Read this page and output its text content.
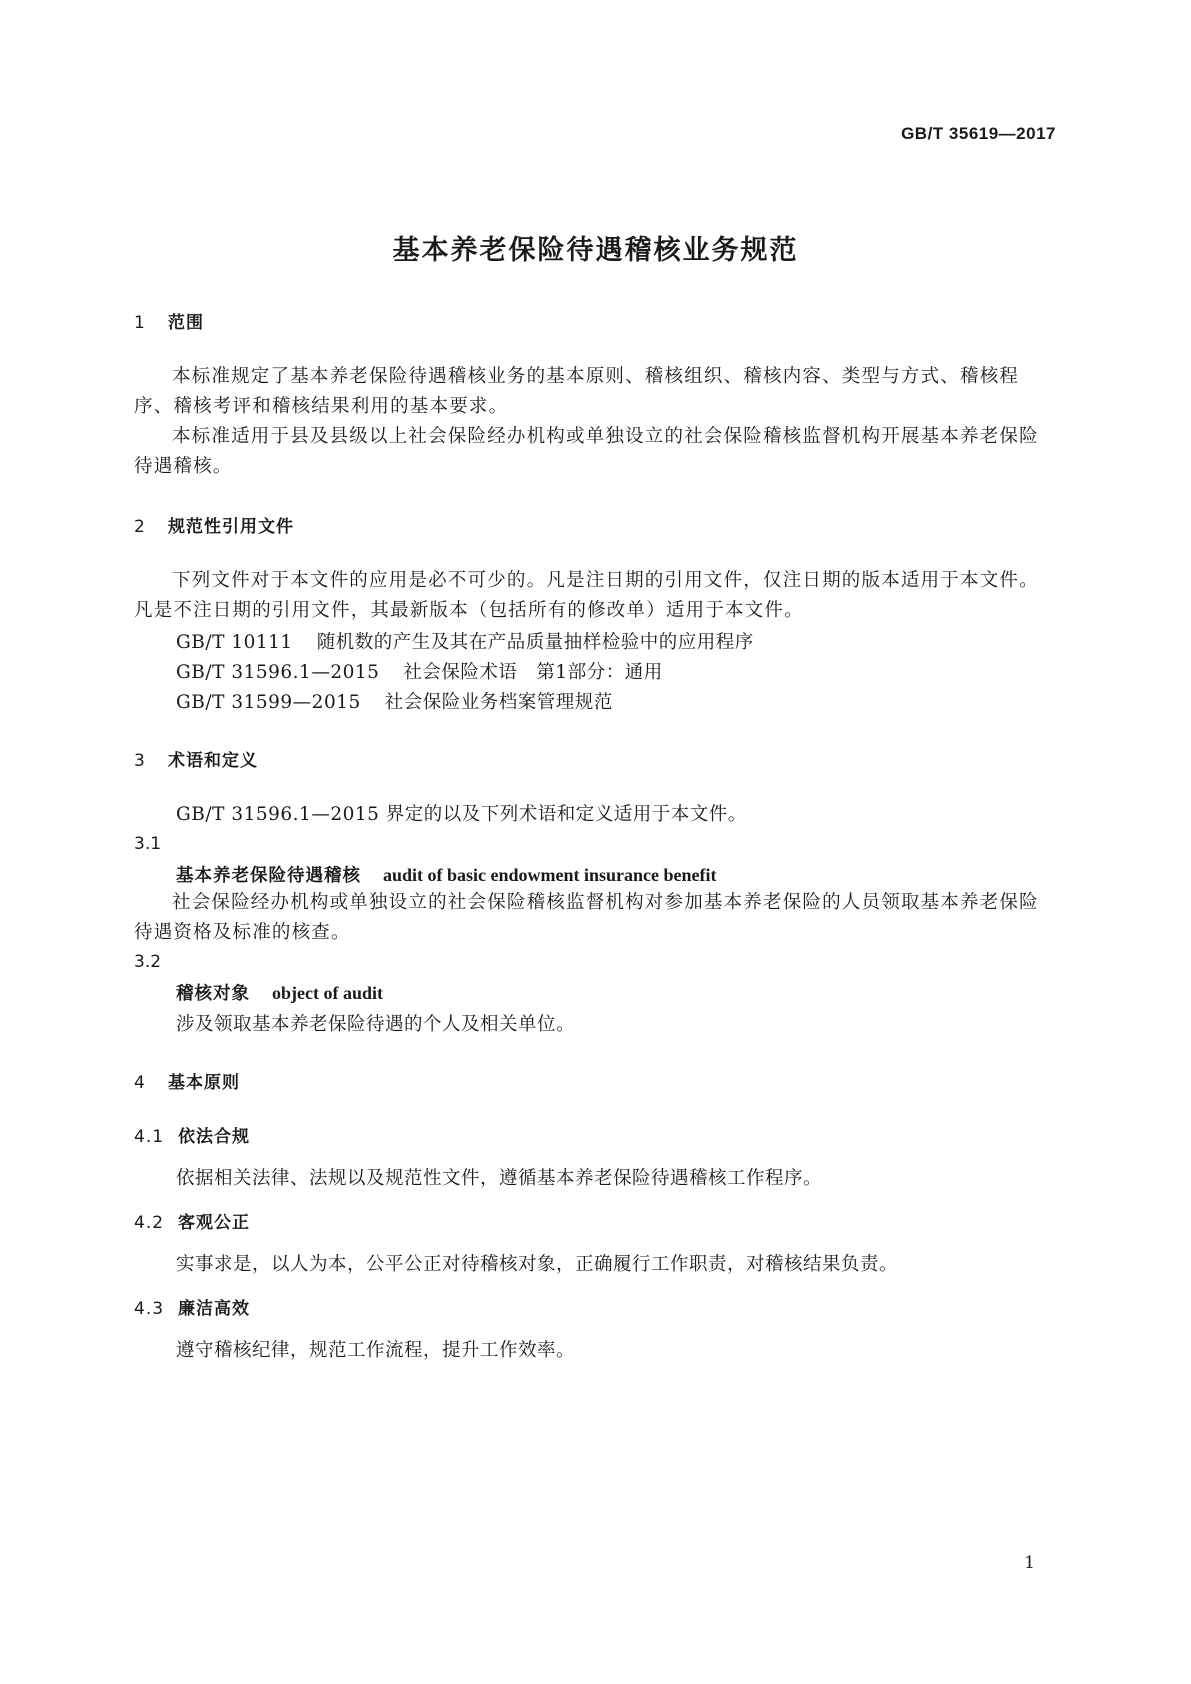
GB/T 35619—2017
基本养老保险待遇稽核业务规范
1 范围
本标准规定了基本养老保险待遇稽核业务的基本原则、稽核组织、稽核内容、类型与方式、稽核程序、稽核考评和稽核结果利用的基本要求。
本标准适用于县及县级以上社会保险经办机构或单独设立的社会保险稽核监督机构开展基本养老保险待遇稽核。
2 规范性引用文件
下列文件对于本文件的应用是必不可少的。凡是注日期的引用文件，仅注日期的版本适用于本文件。凡是不注日期的引用文件，其最新版本（包括所有的修改单）适用于本文件。
GB/T 10111 随机数的产生及其在产品质量抽样检验中的应用程序
GB/T 31596.1—2015 社会保险术语　第1部分：通用
GB/T 31599—2015 社会保险业务档案管理规范
3 术语和定义
GB/T 31596.1—2015 界定的以及下列术语和定义适用于本文件。
3.1
基本养老保险待遇稽核 audit of basic endowment insurance benefit
社会保险经办机构或单独设立的社会保险稽核监督机构对参加基本养老保险的人员领取基本养老保险待遇资格及标准的核查。
3.2
稽核对象 object of audit
涉及领取基本养老保险待遇的个人及相关单位。
4 基本原则
4.1 依法合规
依据相关法律、法规以及规范性文件，遵循基本养老保险待遇稽核工作程序。
4.2 客观公正
实事求是，以人为本，公平公正对待稽核对象，正确履行工作职责，对稽核结果负责。
4.3 廉洁高效
遵守稽核纪律，规范工作流程，提升工作效率。
1
